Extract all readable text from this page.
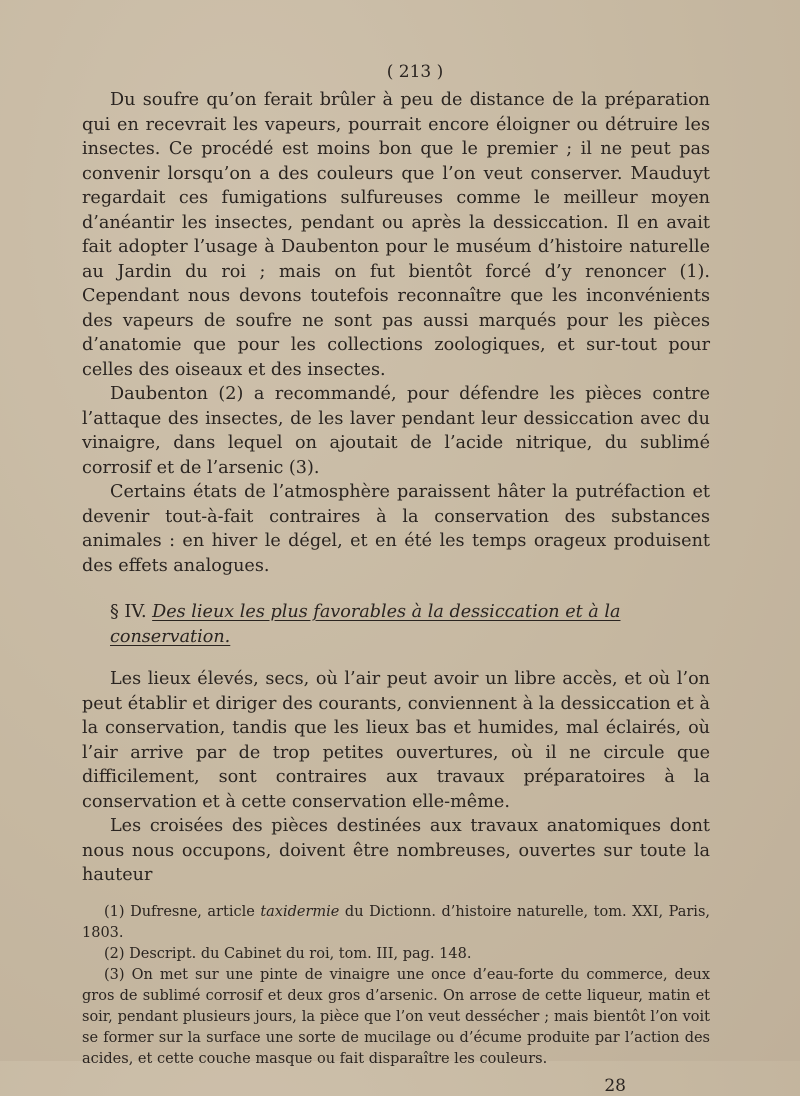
( 213 )

Du soufre qu’on ferait brûler à peu de distance de la préparation qui en recevrait les vapeurs, pourrait encore éloigner ou détruire les insectes. Ce procédé est moins bon que le premier ; il ne peut pas convenir lorsqu’on a des couleurs que l’on veut conserver. Mauduyt regardait ces fumigations sulfureuses comme le meilleur moyen d’anéantir les insectes, pendant ou après la dessiccation. Il en avait fait adopter l’usage à Daubenton pour le muséum d’histoire naturelle au Jardin du roi ; mais on fut bientôt forcé d’y renoncer (1). Cependant nous devons toutefois reconnaître que les inconvénients des vapeurs de soufre ne sont pas aussi marqués pour les pièces d’anatomie que pour les collections zoologiques, et sur-tout pour celles des oiseaux et des insectes.

Daubenton (2) a recommandé, pour défendre les pièces contre l’attaque des insectes, de les laver pendant leur dessiccation avec du vinaigre, dans lequel on ajoutait de l’acide nitrique, du sublimé corrosif et de l’arsenic (3).

Certains états de l’atmosphère paraissent hâter la putréfaction et devenir tout-à-fait contraires à la conservation des substances animales : en hiver le dégel, et en été les temps orageux produisent des effets analogues.

§ IV. Des lieux les plus favorables à la dessiccation et à la conservation.

Les lieux élevés, secs, où l’air peut avoir un libre accès, et où l’on peut établir et diriger des courants, conviennent à la dessiccation et à la conservation, tandis que les lieux bas et humides, mal éclairés, où l’air arrive par de trop petites ouvertures, où il ne circule que difficilement, sont contraires aux travaux préparatoires à la conservation et à cette conservation elle-même.

Les croisées des pièces destinées aux travaux anatomiques dont nous nous occupons, doivent être nombreuses, ouvertes sur toute la hauteur

(1) Dufresne, article taxidermie du Dictionn. d’histoire naturelle, tom. XXI, Paris, 1803.

(2) Descript. du Cabinet du roi, tom. III, pag. 148.

(3) On met sur une pinte de vinaigre une once d’eau-forte du commerce, deux gros de sublimé corrosif et deux gros d’arsenic. On arrose de cette liqueur, matin et soir, pendant plusieurs jours, la pièce que l’on veut dessécher ; mais bientôt l’on voit se former sur la surface une sorte de mucilage ou d’écume produite par l’action des acides, et cette couche masque ou fait disparaître les couleurs.

28
